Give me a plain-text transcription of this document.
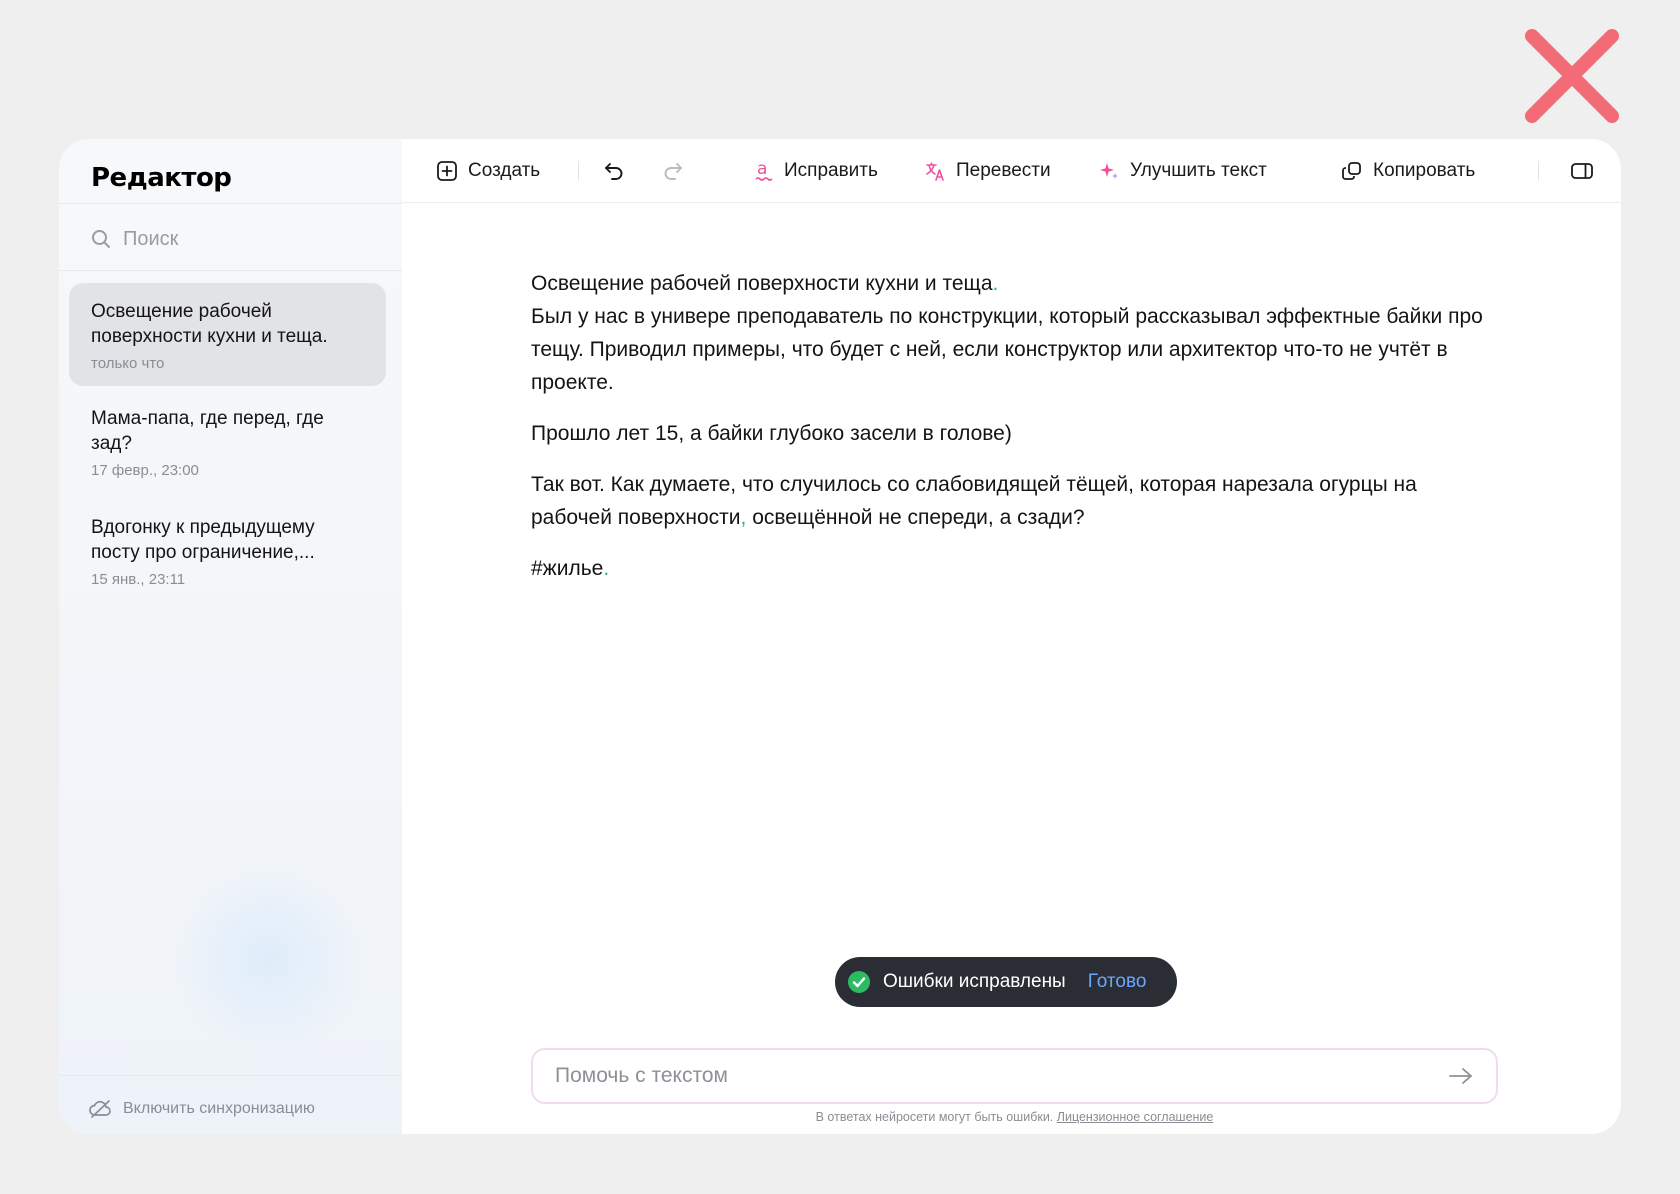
Редактор
Поиск
Освещение рабочей поверхности кухни и теща.
только что
Мама-папа, где перед, где зад?
17 февр., 23:00
Вдогонку к предыдущему посту про ограничение,...
15 янв., 23:11
Включить синхронизацию
Создать	a Исправить	Перевести	Улучшить текст	Копировать

Освещение рабочей поверхности кухни и теща.

Был у нас в универе преподаватель по конструкции, который рассказывал эффектные байки про тещу. Приводил примеры, что будет с ней, если конструктор или архитектор что-то не учтёт в проекте.

Прошло лет 15, а байки глубоко засели в голове)

Так вот. Как думаете, что случилось со слабовидящей тёщей, которая нарезала огурцы на рабочей поверхности, освещённой не спереди, а сзади?

#жилье.

Ошибки исправлены Готово
Помочь с текстом
В ответах нейросети могут быть ошибки. Лицензионное соглашение
